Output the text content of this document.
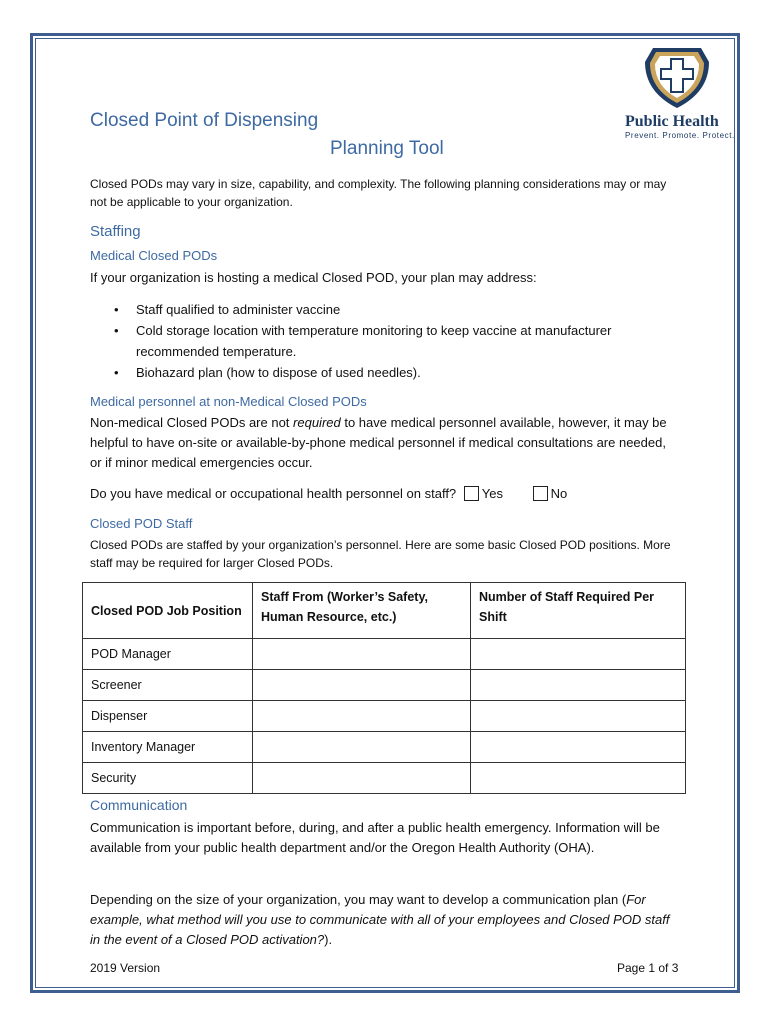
Public Health
Prevent. Promote. Protect.
Closed Point of Dispensing
Planning Tool
Closed PODs may vary in size, capability, and complexity. The following planning considerations may or may not be applicable to your organization.
Staffing
Medical Closed PODs
If your organization is hosting a medical Closed POD, your plan may address:
• Staff qualified to administer vaccine
• Cold storage location with temperature monitoring to keep vaccine at manufacturer recommended temperature.
• Biohazard plan (how to dispose of used needles).
Medical personnel at non-Medical Closed PODs
Non-medical Closed PODs are not required to have medical personnel available, however, it may be helpful to have on-site or available-by-phone medical personnel if medical consultations are needed, or if minor medical emergencies occur.
Do you have medical or occupational health personnel on staff? Yes	No
Closed POD Staff
Closed PODs are staffed by your organization’s personnel. Here are some basic Closed POD positions. More staff may be required for larger Closed PODs.
Closed POD Job Position	Staff From (Worker’s Safety, Human Resource, etc.)	Number of Staff Required Per Shift
POD Manager		
Screener		
Dispenser		
Inventory Manager		
Security		
Communication
Communication is important before, during, and after a public health emergency. Information will be available from your public health department and/or the Oregon Health Authority (OHA).
Depending on the size of your organization, you may want to develop a communication plan (For example, what method will you use to communicate with all of your employees and Closed POD staff in the event of a Closed POD activation?).
2019 Version	Page 1 of 3
